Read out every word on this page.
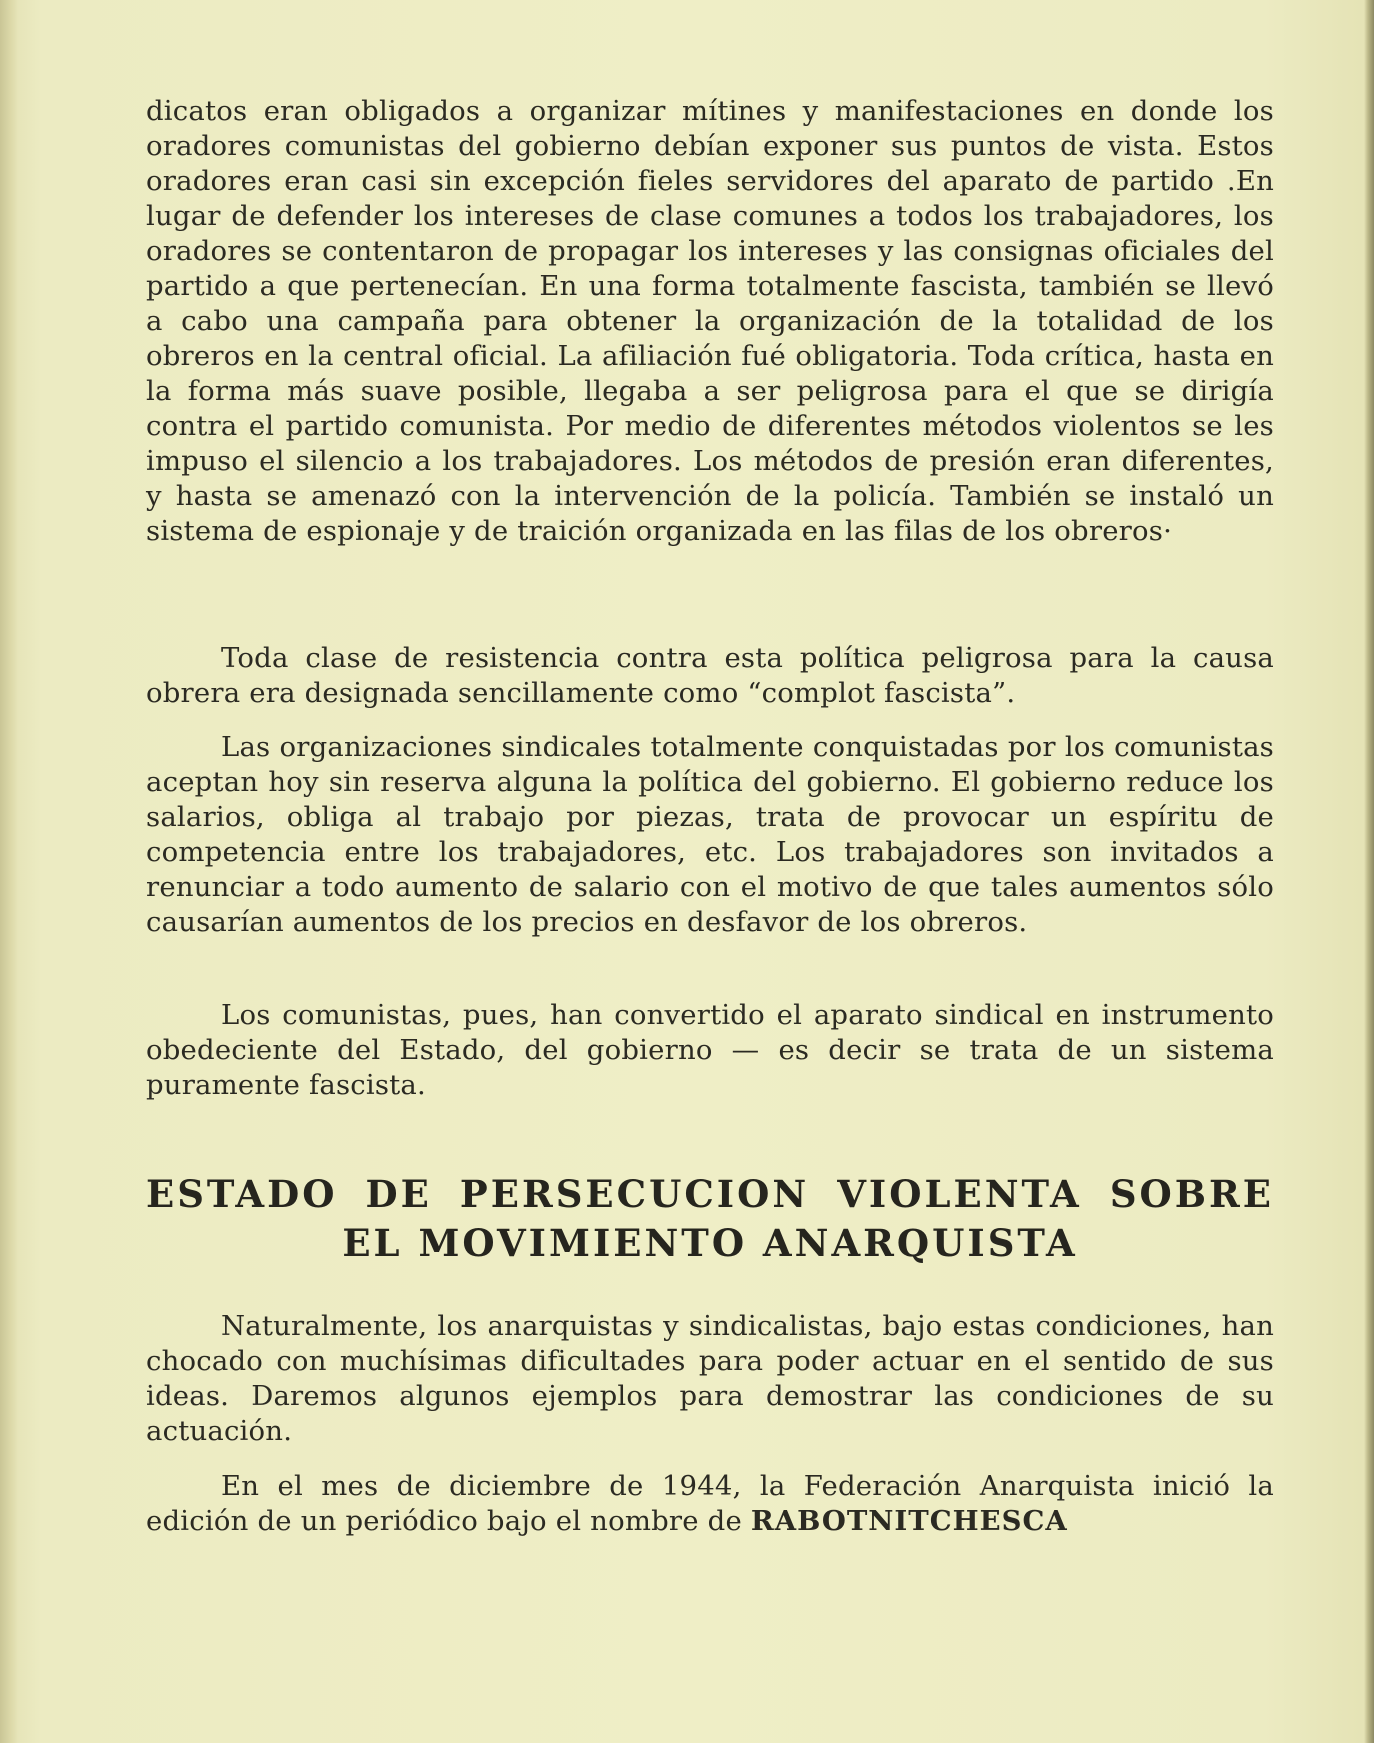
dicatos eran obligados a organizar mítines y manifestaciones en donde los oradores comunistas del gobierno debían exponer sus puntos de vista. Estos oradores eran casi sin excepción fieles servidores del aparato de partido .En lugar de defender los intereses de clase comunes a todos los trabajadores, los oradores se contentaron de propagar los intereses y las consignas oficiales del partido a que pertenecían. En una forma totalmente fascista, también se llevó a cabo una campaña para obtener la organización de la totalidad de los obreros en la central oficial. La afiliación fué obligatoria. Toda crítica, hasta en la forma más suave posible, llegaba a ser peligrosa para el que se dirigía contra el partido comunista. Por medio de diferentes métodos violentos se les impuso el silencio a los trabajadores. Los métodos de presión eran diferentes, y hasta se amenazó con la intervención de la policía. También se instaló un sistema de espionaje y de traición organizada en las filas de los obreros·

Toda clase de resistencia contra esta política peligrosa para la causa obrera era designada sencillamente como “complot fascista”.

Las organizaciones sindicales totalmente conquistadas por los comunistas aceptan hoy sin reserva alguna la política del gobierno. El gobierno reduce los salarios, obliga al trabajo por piezas, trata de provocar un espíritu de competencia entre los trabajadores, etc. Los trabajadores son invitados a renunciar a todo aumento de salario con el motivo de que tales aumentos sólo causarían aumentos de los precios en desfavor de los obreros.

Los comunistas, pues, han convertido el aparato sindical en instrumento obedeciente del Estado, del gobierno — es decir se trata de un sistema puramente fascista.

ESTADO DE PERSECUCION VIOLENTA SOBRE
EL MOVIMIENTO ANARQUISTA

Naturalmente, los anarquistas y sindicalistas, bajo estas condiciones, han chocado con muchísimas dificultades para poder actuar en el sentido de sus ideas. Daremos algunos ejemplos para demostrar las condiciones de su actuación.

En el mes de diciembre de 1944, la Federación Anarquista inició la edición de un periódico bajo el nombre de RABOTNITCHESCA
